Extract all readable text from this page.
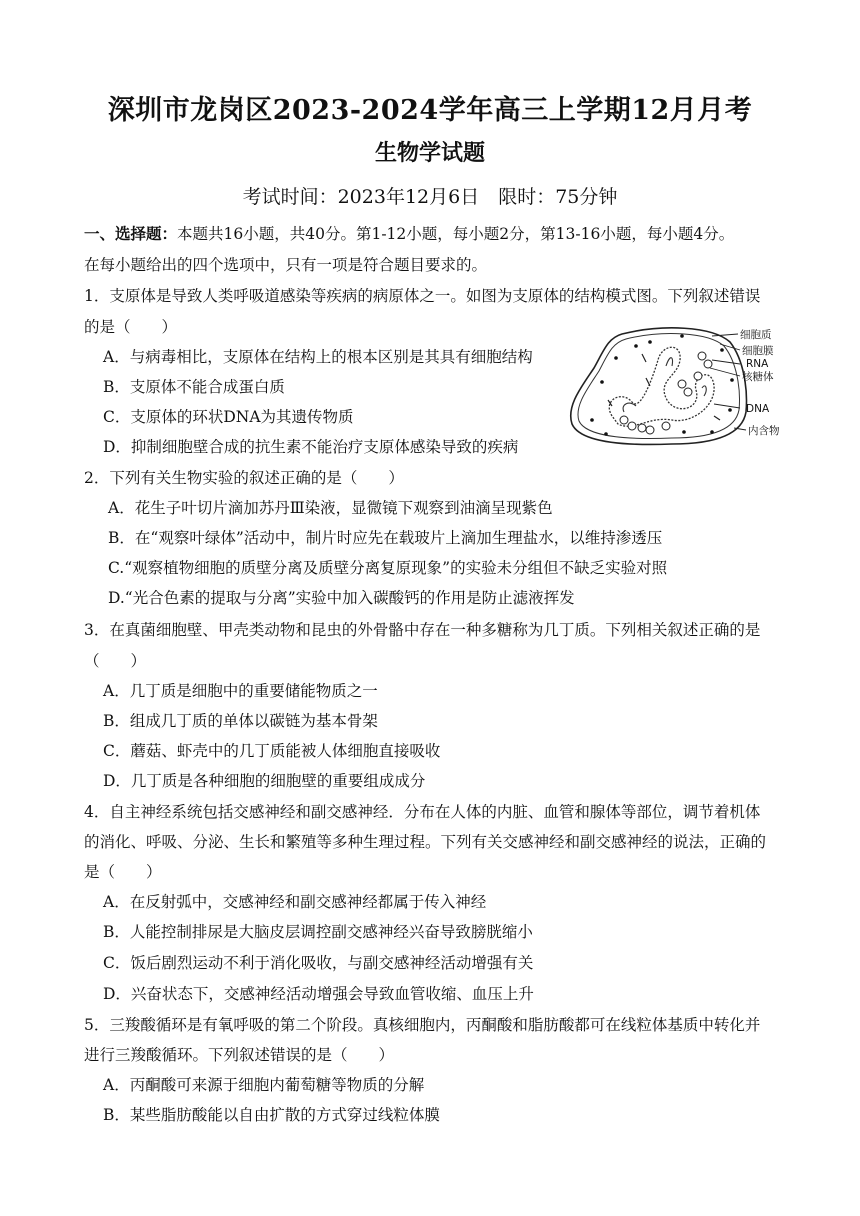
深圳市龙岗区2023-2024学年高三上学期12月月考
生物学试题
考试时间：2023年12月6日　限时：75分钟
一、选择题：本题共16小题，共40分。第1-12小题，每小题2分，第13-16小题，每小题4分。
在每小题给出的四个选项中，只有一项是符合题目要求的。
1．支原体是导致人类呼吸道感染等疾病的病原体之一。如图为支原体的结构模式图。下列叙述错误
的是（　　）
A．与病毒相比，支原体在结构上的根本区别是其具有细胞结构
B．支原体不能合成蛋白质
C．支原体的环状DNA为其遗传物质
D．抑制细胞壁合成的抗生素不能治疗支原体感染导致的疾病
细胞质
细胞膜
RNA
核糖体
DNA
内含物
2．下列有关生物实验的叙述正确的是（　　）
A．花生子叶切片滴加苏丹Ⅲ染液，显微镜下观察到油滴呈现紫色
B．在“观察叶绿体”活动中，制片时应先在载玻片上滴加生理盐水，以维持渗透压
C.“观察植物细胞的质壁分离及质壁分离复原现象”的实验未分组但不缺乏实验对照
D.“光合色素的提取与分离”实验中加入碳酸钙的作用是防止滤液挥发
3．在真菌细胞壁、甲壳类动物和昆虫的外骨骼中存在一种多糖称为几丁质。下列相关叙述正确的是
（　　）
A．几丁质是细胞中的重要储能物质之一
B．组成几丁质的单体以碳链为基本骨架
C．蘑菇、虾壳中的几丁质能被人体细胞直接吸收
D．几丁质是各种细胞的细胞壁的重要组成成分
4．自主神经系统包括交感神经和副交感神经．分布在人体的内脏、血管和腺体等部位，调节着机体
的消化、呼吸、分泌、生长和繁殖等多种生理过程。下列有关交感神经和副交感神经的说法，正确的
是（　　）
A．在反射弧中，交感神经和副交感神经都属于传入神经
B．人能控制排尿是大脑皮层调控副交感神经兴奋导致膀胱缩小
C．饭后剧烈运动不利于消化吸收，与副交感神经活动增强有关
D．兴奋状态下，交感神经活动增强会导致血管收缩、血压上升
5．三羧酸循环是有氧呼吸的第二个阶段。真核细胞内，丙酮酸和脂肪酸都可在线粒体基质中转化并
进行三羧酸循环。下列叙述错误的是（　　）
A．丙酮酸可来源于细胞内葡萄糖等物质的分解
B．某些脂肪酸能以自由扩散的方式穿过线粒体膜
